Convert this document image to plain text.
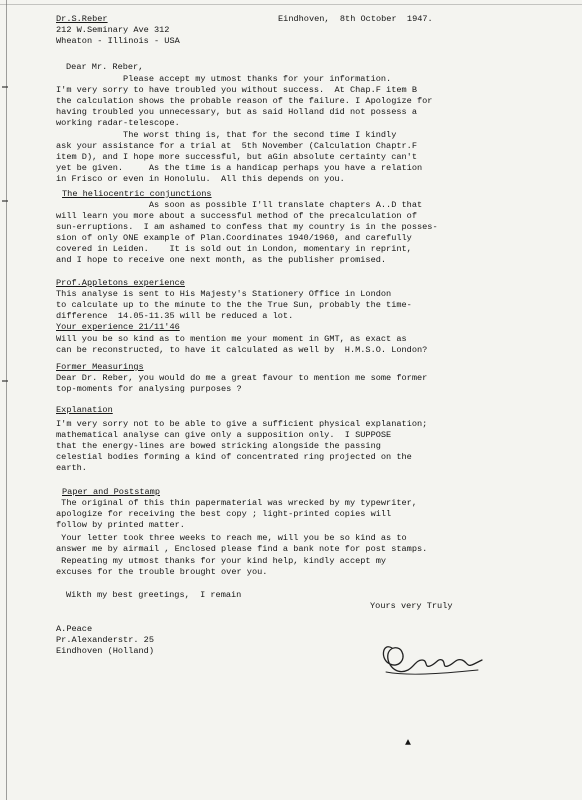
Dr.S.Reber	Eindhoven,  8th October  1947.
212 W.Seminary Ave 312
Wheaton - Illinois - USA
Dear Mr. Reber,
Please accept my utmost thanks for your information.
I'm very sorry to have troubled you without success.  At Chap.F item B
the calculation shows the probable reason of the failure. I Apologize for
having troubled you unnecessary, but as said Holland did not possess a
working radar-telescope.
The worst thing is, that for the second time I kindly
ask your assistance for a trial at  5th November (Calculation Chaptr.F
item D), and I hope more successful, but aGin absolute certainty can't
yet be given.     As the time is a handicap perhaps you have a relation
in Frisco or even in Honolulu.  All this depends on you.
The heliocentric conjunctions
As soon as possible I'll translate chapters A..D that
will learn you more about a successful method of the precalculation of
sun-erruptions.  I am ashamed to confess that my country is in the posses-
sion of only ONE example of Plan.Coordinates 1940/1960, and carefully
covered in Leiden.    It is sold out in London, momentary in reprint,
and I hope to receive one next month, as the publisher promised.
Prof.Appletons experience
This analyse is sent to His Majesty's Stationery Office in London
to calculate up to the minute to the the True Sun, probably the time-
difference  14.05-11.35 will be reduced a lot.
Your experience 21/11'46
Will you be so kind as to mention me your moment in GMT, as exact as
can be reconstructed, to have it calculated as well by  H.M.S.O. London?
Former Measurings
Dear Dr. Reber, you would do me a great favour to mention me some former
top-moments for analysing purposes ?
Explanation
I'm very sorry not to be able to give a sufficient physical explanation;
mathematical analyse can give only a supposition only.  I SUPPOSE
that the energy-lines are bowed stricking alongside the passing
celestial bodies forming a kind of concentrated ring projected on the
earth.
Paper and Poststamp
The original of this thin papermaterial was wrecked by my typewriter,
apologize for receiving the best copy ; light-printed copies will
follow by printed matter.
Your letter took three weeks to reach me, will you be so kind as to
answer me by airmail , Enclosed please find a bank note for post stamps.
Repeating my utmost thanks for your kind help, kindly accept my
excuses for the trouble brought over you.
Wikth my best greetings,  I remain
Yours very Truly
A.Peace
Pr.Alexanderstr. 25
Eindhoven (Holland)
▲
